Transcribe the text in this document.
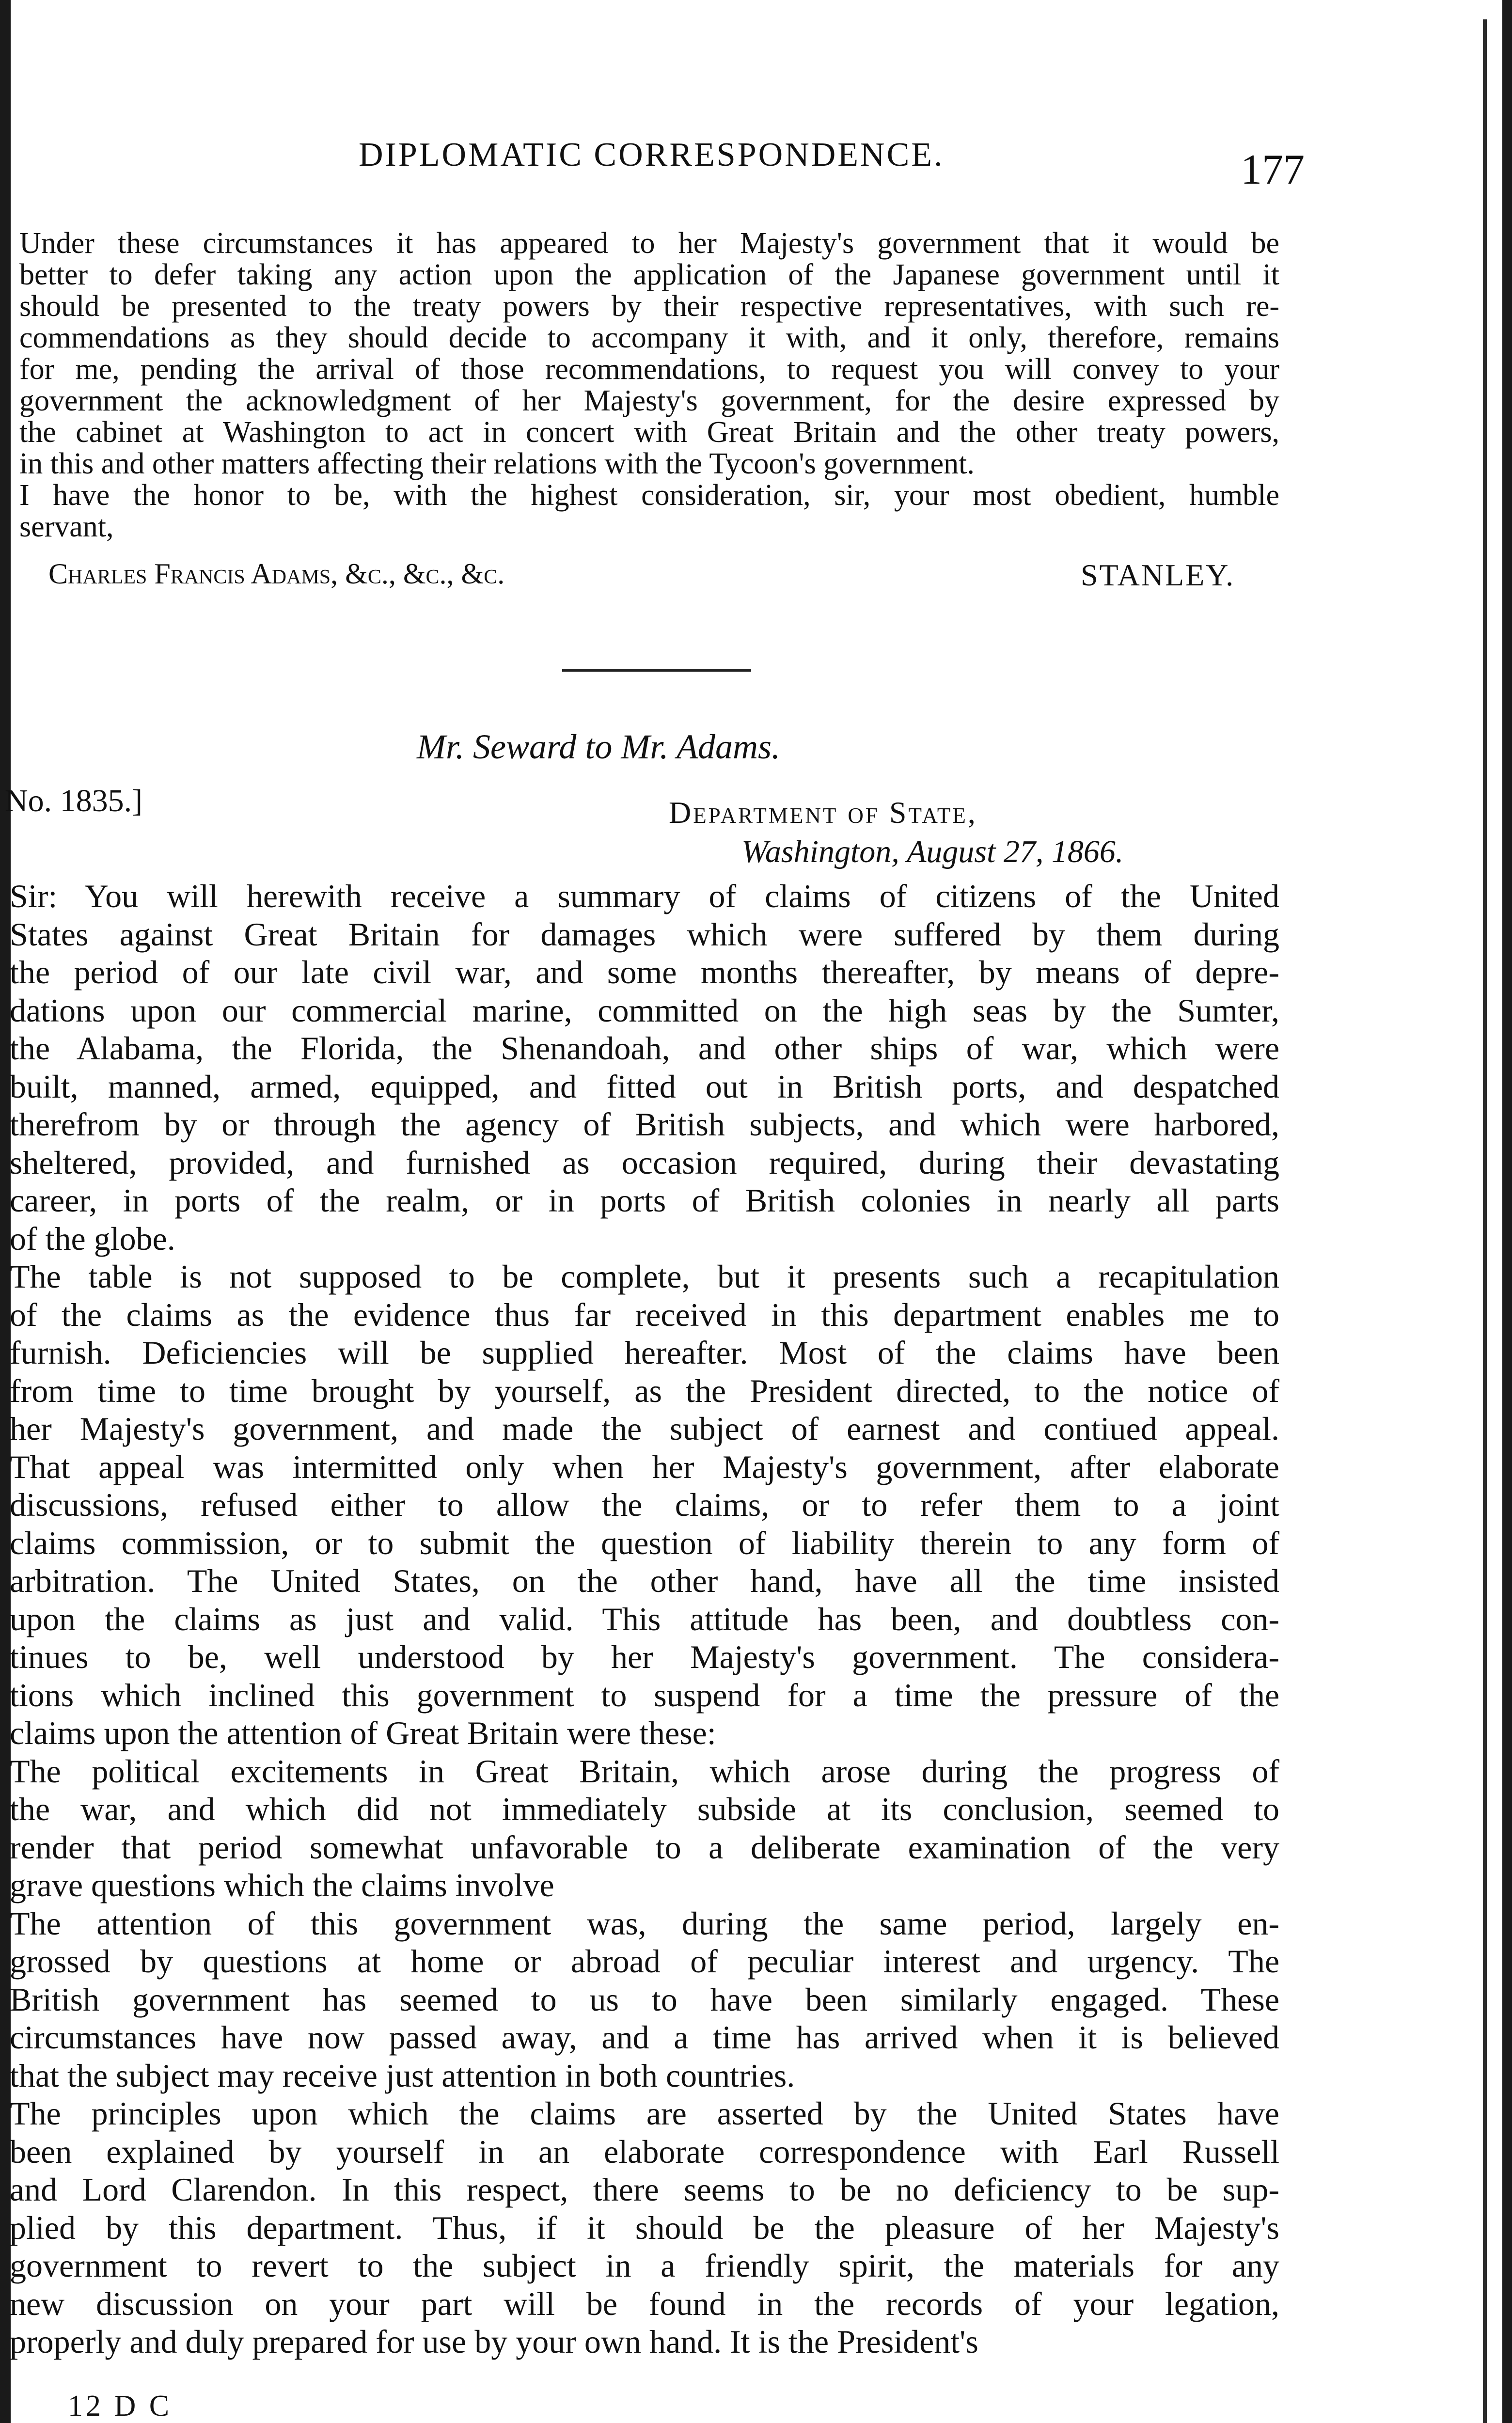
DIPLOMATIC CORRESPONDENCE.	177
Under these circumstances it has appeared to her Majesty's government that it would be
better to defer taking any action upon the application of the Japanese government until it
should be presented to the treaty powers by their respective representatives, with such re-
commendations as they should decide to accompany it with, and it only, therefore, remains
for me, pending the arrival of those recommendations, to request you will convey to your
government the acknowledgment of her Majesty's government, for the desire expressed by
the cabinet at Washington to act in concert with Great Britain and the other treaty powers,
in this and other matters affecting their relations with the Tycoon's government.
I have the honor to be, with the highest consideration, sir, your most obedient, humble
servant,
Charles Francis Adams, &c., &c., &c.	STANLEY.
Mr. Seward to Mr. Adams.
No. 1835.]	Department of State,
Washington, August 27, 1866.
Sir: You will herewith receive a summary of claims of citizens of the United
States against Great Britain for damages which were suffered by them during
the period of our late civil war, and some months thereafter, by means of depre-
dations upon our commercial marine, committed on the high seas by the Sumter,
the Alabama, the Florida, the Shenandoah, and other ships of war, which were
built, manned, armed, equipped, and fitted out in British ports, and despatched
therefrom by or through the agency of British subjects, and which were harbored,
sheltered, provided, and furnished as occasion required, during their devastating
career, in ports of the realm, or in ports of British colonies in nearly all parts
of the globe.
The table is not supposed to be complete, but it presents such a recapitulation
of the claims as the evidence thus far received in this department enables me to
furnish. Deficiencies will be supplied hereafter. Most of the claims have been
from time to time brought by yourself, as the President directed, to the notice of
her Majesty's government, and made the subject of earnest and contiued appeal.
That appeal was intermitted only when her Majesty's government, after elaborate
discussions, refused either to allow the claims, or to refer them to a joint
claims commission, or to submit the question of liability therein to any form of
arbitration. The United States, on the other hand, have all the time insisted
upon the claims as just and valid. This attitude has been, and doubtless con-
tinues to be, well understood by her Majesty's government. The considera-
tions which inclined this government to suspend for a time the pressure of the
claims upon the attention of Great Britain were these:
The political excitements in Great Britain, which arose during the progress of
the war, and which did not immediately subside at its conclusion, seemed to
render that period somewhat unfavorable to a deliberate examination of the very
grave questions which the claims involve
The attention of this government was, during the same period, largely en-
grossed by questions at home or abroad of peculiar interest and urgency. The
British government has seemed to us to have been similarly engaged. These
circumstances have now passed away, and a time has arrived when it is believed
that the subject may receive just attention in both countries.
The principles upon which the claims are asserted by the United States have
been explained by yourself in an elaborate correspondence with Earl Russell
and Lord Clarendon. In this respect, there seems to be no deficiency to be sup-
plied by this department. Thus, if it should be the pleasure of her Majesty's
government to revert to the subject in a friendly spirit, the materials for any
new discussion on your part will be found in the records of your legation,
properly and duly prepared for use by your own hand. It is the President's
12 D C
